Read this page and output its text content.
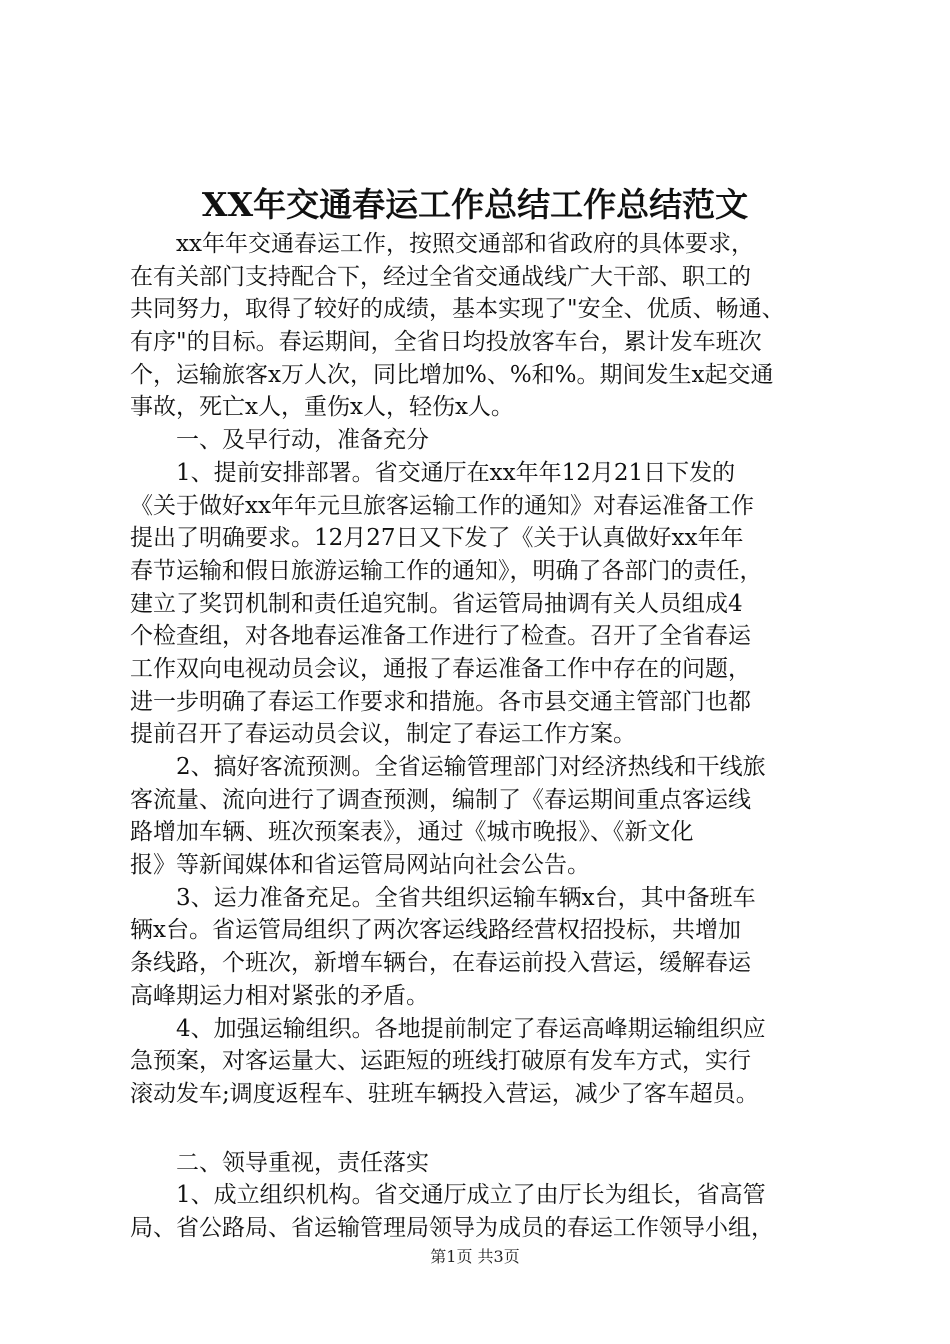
XX年交通春运工作总结工作总结范文
xx年年交通春运工作，按照交通部和省政府的具体要求，
在有关部门支持配合下，经过全省交通战线广大干部、职工的
共同努力，取得了较好的成绩，基本实现了"安全、优质、畅通、
有序"的目标。春运期间，全省日均投放客车台，累计发车班次
个，运输旅客x万人次，同比增加%、%和%。期间发生x起交通
事故，死亡x人，重伤x人，轻伤x人。
一、及早行动，准备充分
1、提前安排部署。省交通厅在xx年年12月21日下发的
《关于做好xx年年元旦旅客运输工作的通知》对春运准备工作
提出了明确要求。12月27日又下发了《关于认真做好xx年年
春节运输和假日旅游运输工作的通知》，明确了各部门的责任，
建立了奖罚机制和责任追究制。省运管局抽调有关人员组成4
个检查组，对各地春运准备工作进行了检查。召开了全省春运
工作双向电视动员会议，通报了春运准备工作中存在的问题，
进一步明确了春运工作要求和措施。各市县交通主管部门也都
提前召开了春运动员会议，制定了春运工作方案。
2、搞好客流预测。全省运输管理部门对经济热线和干线旅
客流量、流向进行了调查预测，编制了《春运期间重点客运线
路增加车辆、班次预案表》，通过《城市晚报》、《新文化
报》等新闻媒体和省运管局网站向社会公告。
3、运力准备充足。全省共组织运输车辆x台，其中备班车
辆x台。省运管局组织了两次客运线路经营权招投标，共增加
条线路，个班次，新增车辆台，在春运前投入营运，缓解春运
高峰期运力相对紧张的矛盾。
4、加强运输组织。各地提前制定了春运高峰期运输组织应
急预案，对客运量大、运距短的班线打破原有发车方式，实行
滚动发车;调度返程车、驻班车辆投入营运，减少了客车超员。
二、领导重视，责任落实
1、成立组织机构。省交通厅成立了由厅长为组长，省高管
局、省公路局、省运输管理局领导为成员的春运工作领导小组，
第1页 共3页
